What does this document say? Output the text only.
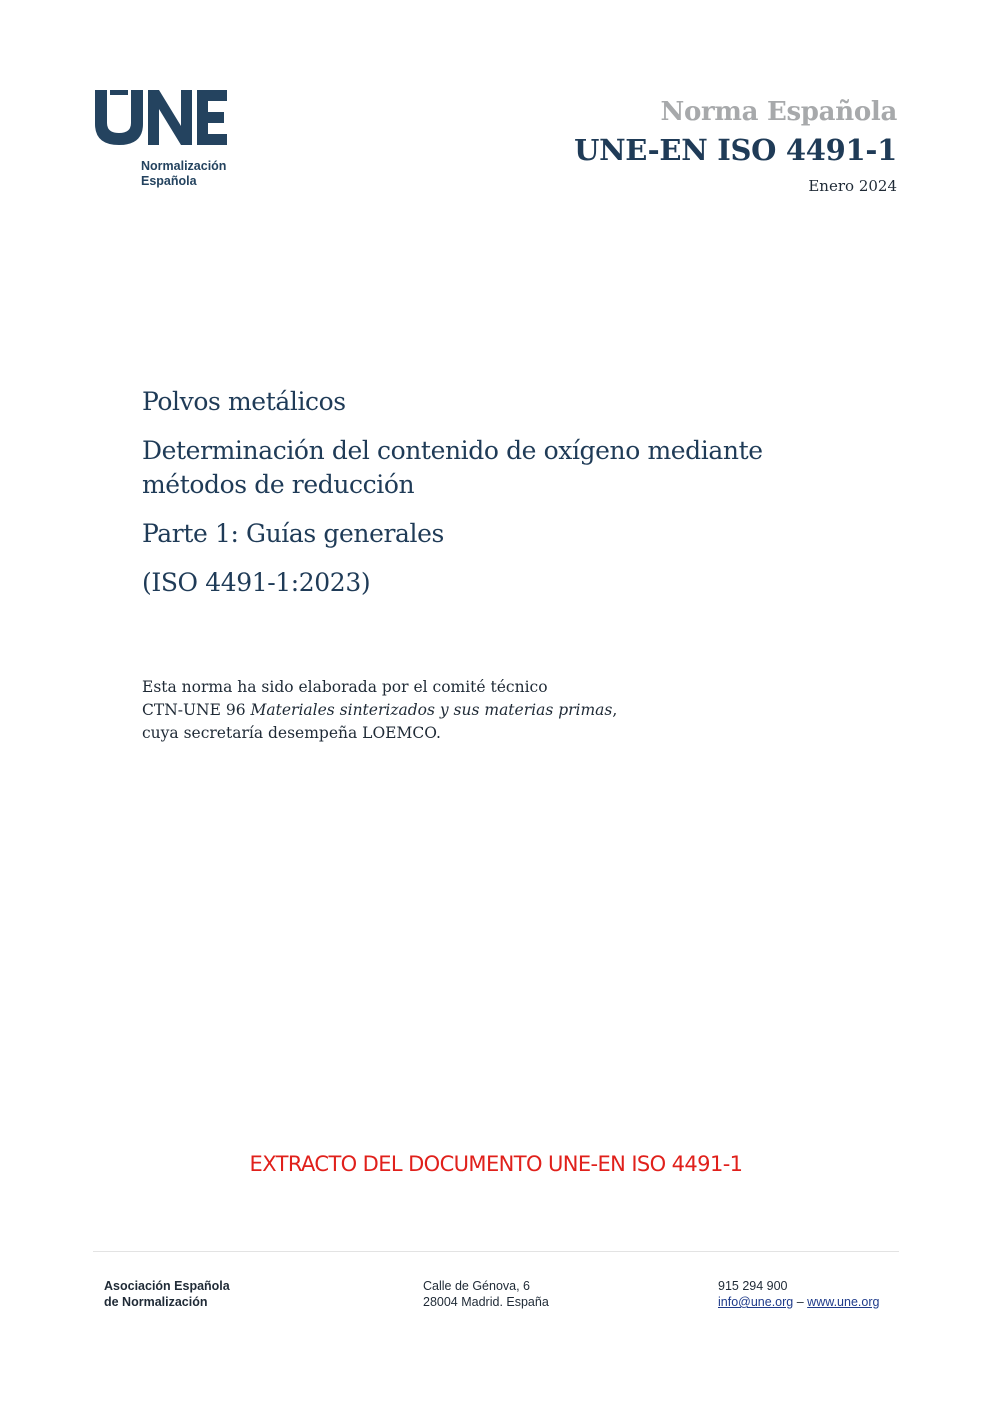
Normalización
Española
Norma Española
UNE-EN ISO 4491-1
Enero 2024

Polvos metálicos

Determinación del contenido de oxígeno mediante métodos de reducción

Parte 1: Guías generales

(ISO 4491-1:2023)

Esta norma ha sido elaborada por el comité técnico
CTN-UNE 96 Materiales sinterizados y sus materias primas,
cuya secretaría desempeña LOEMCO.
EXTRACTO DEL DOCUMENTO UNE-EN ISO 4491-1
Asociación Española
de Normalización
Calle de Génova, 6
28004 Madrid. España
915 294 900
info@une.org – www.une.org
